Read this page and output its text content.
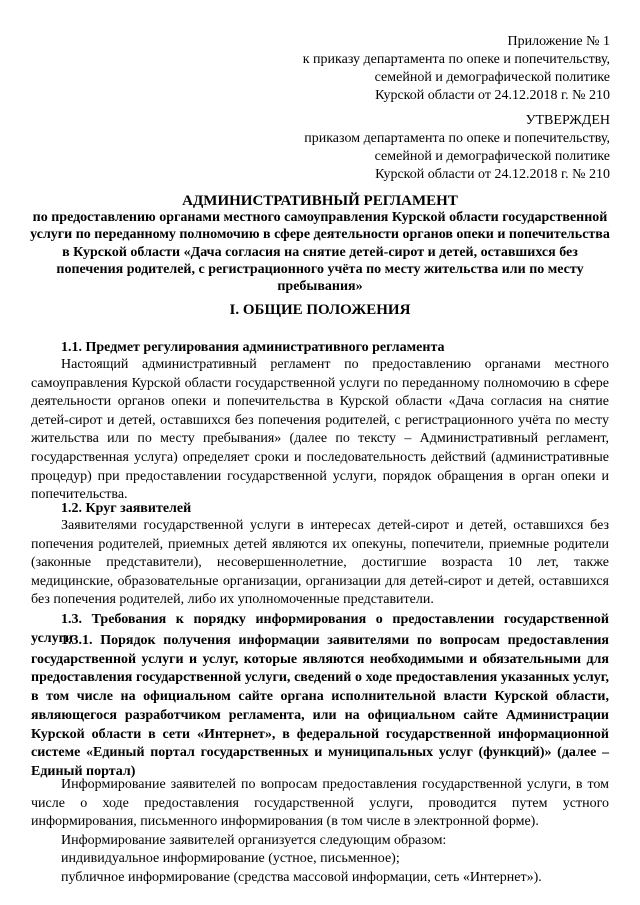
Приложение № 1
к приказу департамента по опеке и попечительству,
семейной и демографической политике
Курской области от 24.12.2018 г. № 210
УТВЕРЖДЕН
приказом департамента по опеке и попечительству,
семейной и демографической политике
Курской области от 24.12.2018 г. № 210
АДМИНИСТРАТИВНЫЙ РЕГЛАМЕНТ
по предоставлению органами местного самоуправления Курской области государственной услуги по переданному полномочию в сфере деятельности органов опеки и попечительства в Курской области «Дача согласия на снятие детей-сирот и детей, оставшихся без попечения родителей, с регистрационного учёта по месту жительства или по месту пребывания»
I. ОБЩИЕ ПОЛОЖЕНИЯ
1.1. Предмет регулирования административного регламента

Настоящий административный регламент по предоставлению органами местного самоуправления Курской области государственной услуги по переданному полномочию в сфере деятельности органов опеки и попечительства в Курской области «Дача согласия на снятие детей-сирот и детей, оставшихся без попечения родителей, с регистрационного учёта по месту жительства или по месту пребывания» (далее по тексту – Административный регламент, государственная услуга) определяет сроки и последовательность действий (административные процедур) при предоставлении государственной услуги, порядок обращения в орган опеки и попечительства.

1.2. Круг заявителей

Заявителями государственной услуги в интересах детей-сирот и детей, оставшихся без попечения родителей, приемных детей являются их опекуны, попечители, приемные родители (законные представители), несовершеннолетние, достигшие возраста 10 лет, также медицинские, образовательные организации, организации для детей-сирот и детей, оставшихся без попечения родителей, либо их уполномоченные представители.

1.3. Требования к порядку информирования о предоставлении государственной услуги

1.3.1. Порядок получения информации заявителями по вопросам предоставления государственной услуги и услуг, которые являются необходимыми и обязательными для предоставления государственной услуги, сведений о ходе предоставления указанных услуг, в том числе на официальном сайте органа исполнительной власти Курской области, являющегося разработчиком регламента, или на официальном сайте Администрации Курской области в сети «Интернет», в федеральной государственной информационной системе «Единый портал государственных и муниципальных услуг (функций)» (далее – Единый портал)

Информирование заявителей по вопросам предоставления государственной услуги, в том числе о ходе предоставления государственной услуги, проводится путем устного информирования, письменного информирования (в том числе в электронной форме).

Информирование заявителей организуется следующим образом:

индивидуальное информирование (устное, письменное);

публичное информирование (средства массовой информации, сеть «Интернет»).
